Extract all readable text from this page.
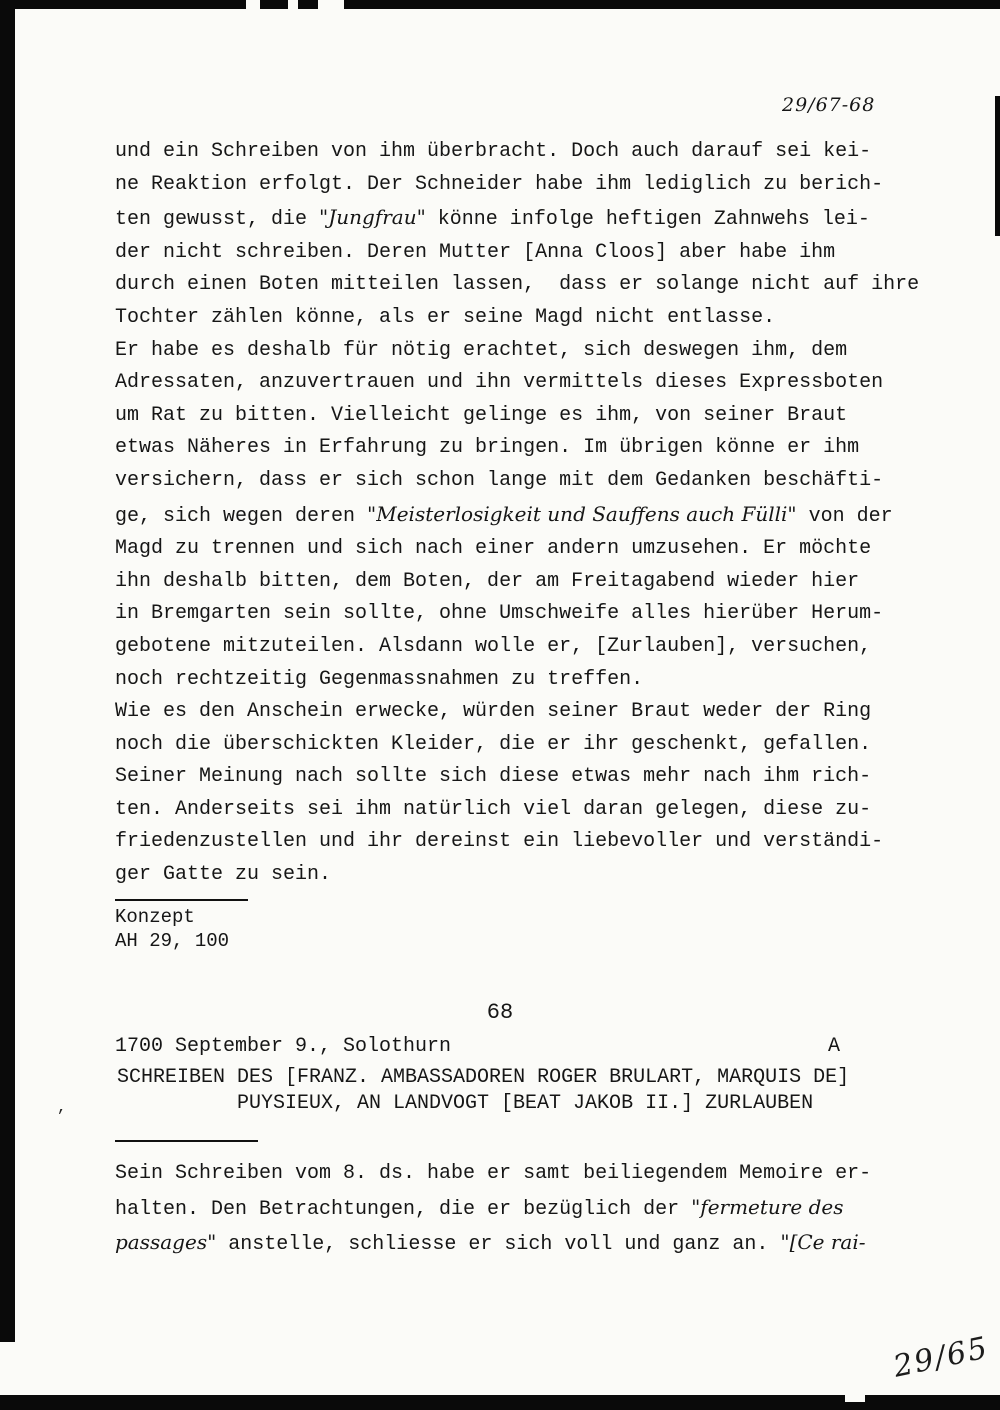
29/67-68
und ein Schreiben von ihm überbracht. Doch auch darauf sei kei-
ne Reaktion erfolgt. Der Schneider habe ihm lediglich zu berich-
ten gewusst, die "Jungfrau" könne infolge heftigen Zahnwehs lei-
der nicht schreiben. Deren Mutter [Anna Cloos] aber habe ihm
durch einen Boten mitteilen lassen,  dass er solange nicht auf ihre
Tochter zählen könne, als er seine Magd nicht entlasse.
Er habe es deshalb für nötig erachtet, sich deswegen ihm, dem
Adressaten, anzuvertrauen und ihn vermittels dieses Expressboten
um Rat zu bitten. Vielleicht gelinge es ihm, von seiner Braut
etwas Näheres in Erfahrung zu bringen. Im übrigen könne er ihm
versichern, dass er sich schon lange mit dem Gedanken beschäfti-
ge, sich wegen deren "Meisterlosigkeit und Sauffens auch Fülli" von der
Magd zu trennen und sich nach einer andern umzusehen. Er möchte
ihn deshalb bitten, dem Boten, der am Freitagabend wieder hier
in Bremgarten sein sollte, ohne Umschweife alles hierüber Herum-
gebotene mitzuteilen. Alsdann wolle er, [Zurlauben], versuchen,
noch rechtzeitig Gegenmassnahmen zu treffen.
Wie es den Anschein erwecke, würden seiner Braut weder der Ring
noch die überschickten Kleider, die er ihr geschenkt, gefallen.
Seiner Meinung nach sollte sich diese etwas mehr nach ihm rich-
ten. Anderseits sei ihm natürlich viel daran gelegen, diese zu-
friedenzustellen und ihr dereinst ein liebevoller und verständi-
ger Gatte zu sein.
Konzept
AH 29, 100
68
1700 September 9., Solothurn	A
SCHREIBEN DES [FRANZ. AMBASSADOREN ROGER BRULART, MARQUIS DE]
PUYSIEUX, AN LANDVOGT [BEAT JAKOB II.] ZURLAUBEN
Sein Schreiben vom 8. ds. habe er samt beiliegendem Memoire er-
halten. Den Betrachtungen, die er bezüglich der "fermeture des
passages" anstelle, schliesse er sich voll und ganz an. "[Ce rai-
29/65
,
